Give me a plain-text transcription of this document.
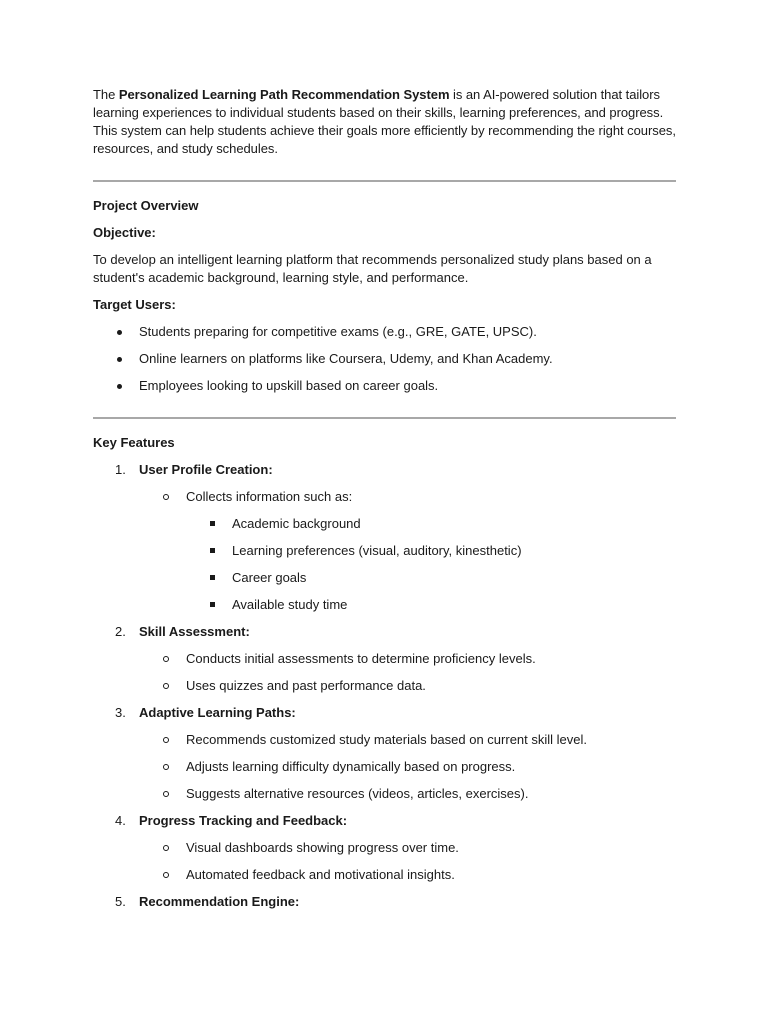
The Personalized Learning Path Recommendation System is an AI-powered solution that tailors learning experiences to individual students based on their skills, learning preferences, and progress. This system can help students achieve their goals more efficiently by recommending the right courses, resources, and study schedules.

Project Overview

Objective:

To develop an intelligent learning platform that recommends personalized study plans based on a student's academic background, learning style, and performance.

Target Users:

Students preparing for competitive exams (e.g., GRE, GATE, UPSC).
Online learners on platforms like Coursera, Udemy, and Khan Academy.
Employees looking to upskill based on career goals.

Key Features

1.	User Profile Creation:
Collects information such as:
Academic background
Learning preferences (visual, auditory, kinesthetic)
Career goals
Available study time
2.	Skill Assessment:
Conducts initial assessments to determine proficiency levels.
Uses quizzes and past performance data.
3.	Adaptive Learning Paths:
Recommends customized study materials based on current skill level.
Adjusts learning difficulty dynamically based on progress.
Suggests alternative resources (videos, articles, exercises).
4.	Progress Tracking and Feedback:
Visual dashboards showing progress over time.
Automated feedback and motivational insights.
5.	Recommendation Engine:
